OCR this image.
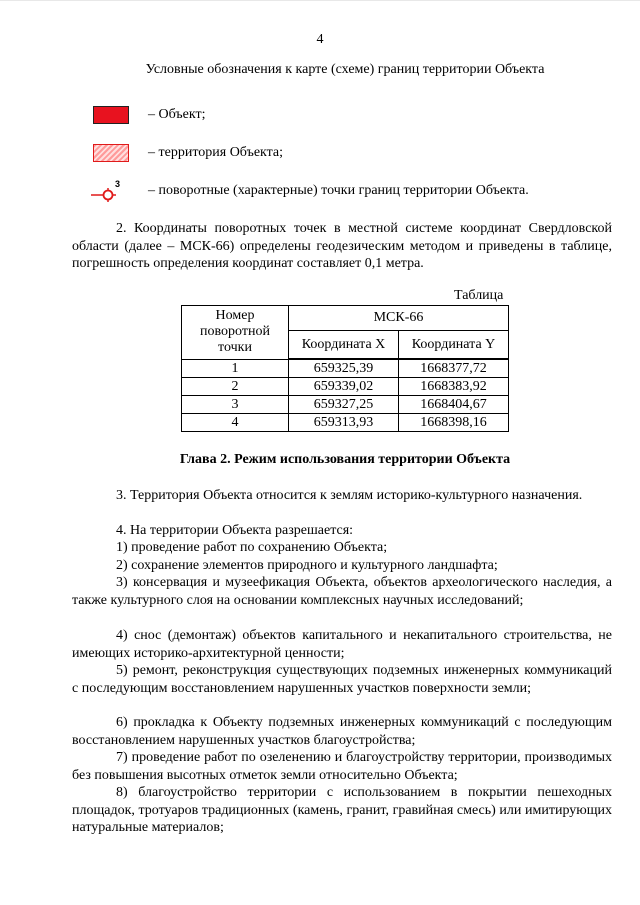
4
Условные обозначения к карте (схеме) границ территории Объекта
– Объект;
– территория Объекта;
3 – поворотные (характерные) точки границ территории Объекта.
2. Координаты поворотных точек в местной системе координат Свердловской области (далее – МСК-66) определены геодезическим методом и приведены в таблице, погрешность определения координат составляет 0,1 метра.
Таблица
Номер поворотной точки	МСК-66	
	Координата X	Координата Y
1	659325,39	1668377,72
2	659339,02	1668383,92
3	659327,25	1668404,67
4	659313,93	1668398,16
Глава 2. Режим использования территории Объекта
3. Территория Объекта относится к землям историко-культурного назначения.
4. На территории Объекта разрешается:
1) проведение работ по сохранению Объекта;
2) сохранение элементов природного и культурного ландшафта;
3) консервация и музеефикация Объекта, объектов археологического наследия, а также культурного слоя на основании комплексных научных исследований;
4) снос (демонтаж) объектов капитального и некапитального строительства, не имеющих историко-архитектурной ценности;
5) ремонт, реконструкция существующих подземных инженерных коммуникаций с последующим восстановлением нарушенных участков поверхности земли;
6) прокладка к Объекту подземных инженерных коммуникаций с последующим восстановлением нарушенных участков благоустройства;
7) проведение работ по озеленению и благоустройству территории, производимых без повышения высотных отметок земли относительно Объекта;
8) благоустройство территории с использованием в покрытии пешеходных площадок, тротуаров традиционных (камень, гранит, гравийная смесь) или имитирующих натуральные материалов;
